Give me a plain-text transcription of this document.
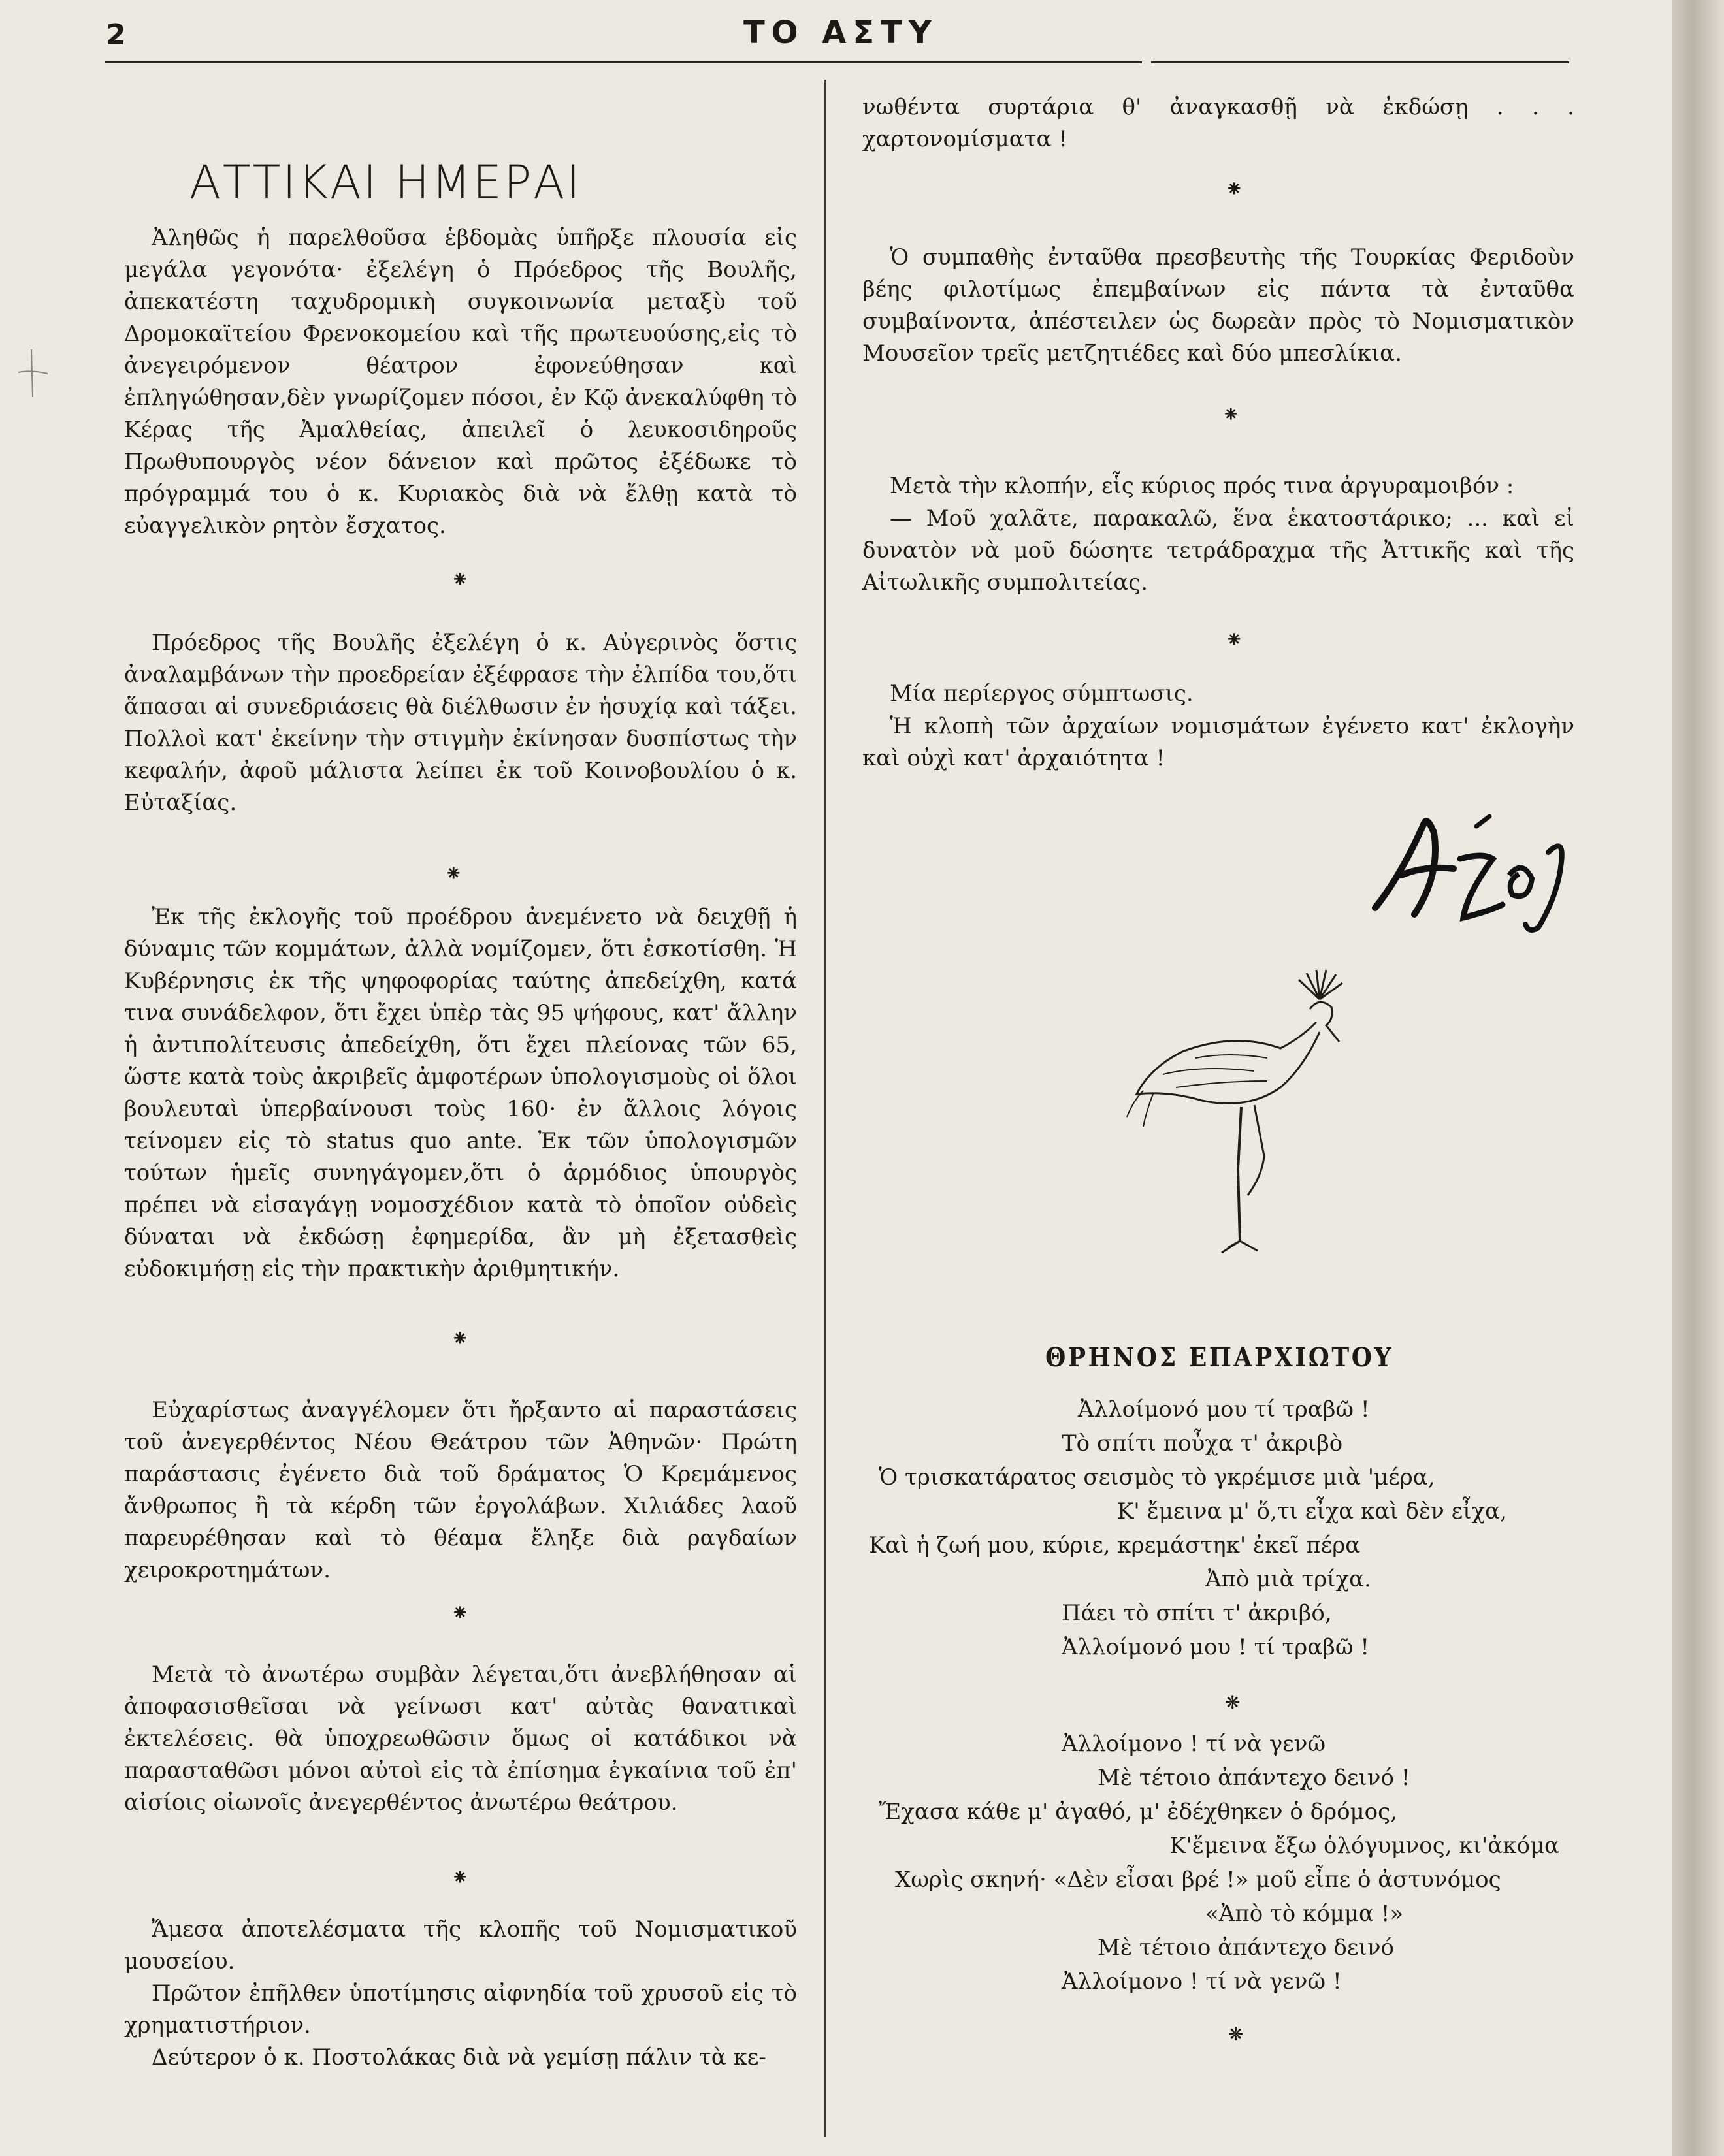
2	ΤΟ ΑΣΤΥ
ΑΤΤΙΚΑΙ ΗΜΕΡΑΙ

Ἀληθῶς ἡ παρελθοῦσα ἑβδομὰς ὑπῆρξε πλουσία εἰς μεγάλα γεγονότα· ἐξελέγη ὁ Πρόεδρος τῆς Βουλῆς, ἀπεκατέστη ταχυδρομικὴ συγκοινωνία μεταξὺ τοῦ Δρομοκαϊτείου Φρενοκομείου καὶ τῆς πρωτευούσης,εἰς τὸ ἀνεγειρόμενον θέατρον ἐφονεύθησαν καὶ ἐπληγώθησαν,δὲν γνωρίζομεν πόσοι, ἐν Κῷ ἀνεκαλύφθη τὸ Κέρας τῆς Ἀμαλθείας, ἀπειλεῖ ὁ λευκοσιδηροῦς Πρωθυπουργὸς νέον δάνειον καὶ πρῶτος ἐξέδωκε τὸ πρόγραμμά του ὁ κ. Κυριακὸς διὰ νὰ ἔλθῃ κατὰ τὸ εὐαγγελικὸν ρητὸν ἔσχατος.

⁕

Πρόεδρος τῆς Βουλῆς ἐξελέγη ὁ κ. Αὐγερινὸς ὅστις ἀναλαμβάνων τὴν προεδρείαν ἐξέφρασε τὴν ἐλπίδα του,ὅτι ἅπασαι αἱ συνεδριάσεις θὰ διέλθωσιν ἐν ἡσυχίᾳ καὶ τάξει. Πολλοὶ κατ' ἐκείνην τὴν στιγμὴν ἐκίνησαν δυσπίστως τὴν κεφαλήν, ἀφοῦ μάλιστα λείπει ἐκ τοῦ Κοινοβουλίου ὁ κ. Εὐταξίας.

⁕

Ἐκ τῆς ἐκλογῆς τοῦ προέδρου ἀνεμένετο νὰ δειχθῇ ἡ δύναμις τῶν κομμάτων, ἀλλὰ νομίζομεν, ὅτι ἐσκοτίσθη. Ἡ Κυβέρνησις ἐκ τῆς ψηφοφορίας ταύτης ἀπεδείχθη, κατά τινα συνάδελφον, ὅτι ἔχει ὑπὲρ τὰς 95 ψήφους, κατ' ἄλλην ἡ ἀντιπολίτευσις ἀπεδείχθη, ὅτι ἔχει πλείονας τῶν 65, ὥστε κατὰ τοὺς ἀκριβεῖς ἀμφοτέρων ὑπολογισμοὺς οἱ ὅλοι βουλευταὶ ὑπερβαίνουσι τοὺς 160· ἐν ἄλλοις λόγοις τείνομεν εἰς τὸ status quo ante. Ἐκ τῶν ὑπολογισμῶν τούτων ἡμεῖς συνηγάγομεν,ὅτι ὁ ἁρμόδιος ὑπουργὸς πρέπει νὰ εἰσαγάγῃ νομοσχέδιον κατὰ τὸ ὁποῖον οὐδεὶς δύναται νὰ ἐκδώσῃ ἐφημερίδα, ἂν μὴ ἐξετασθεὶς εὐδοκιμήσῃ εἰς τὴν πρακτικὴν ἀριθμητικήν.

⁕

Εὐχαρίστως ἀναγγέλομεν ὅτι ἤρξαντο αἱ παραστάσεις τοῦ ἀνεγερθέντος Νέου Θεάτρου τῶν Ἀθηνῶν· Πρώτη παράστασις ἐγένετο διὰ τοῦ δράματος Ὁ Κρεμάμενος ἄνθρωπος ἢ τὰ κέρδη τῶν ἐργολάβων. Χιλιάδες λαοῦ παρευρέθησαν καὶ τὸ θέαμα ἔληξε διὰ ραγδαίων χειροκροτημάτων.

⁕

Μετὰ τὸ ἀνωτέρω συμβὰν λέγεται,ὅτι ἀνεβλήθησαν αἱ ἀποφασισθεῖσαι νὰ γείνωσι κατ' αὐτὰς θανατικαὶ ἐκτελέσεις. θὰ ὑποχρεωθῶσιν ὅμως οἱ κατάδικοι νὰ παρασταθῶσι μόνοι αὐτοὶ εἰς τὰ ἐπίσημα ἐγκαίνια τοῦ ἐπ' αἰσίοις οἰωνοῖς ἀνεγερθέντος ἀνωτέρω θεάτρου.

⁕

Ἄμεσα ἀποτελέσματα τῆς κλοπῆς τοῦ Νομισματικοῦ μουσείου.

Πρῶτον ἐπῆλθεν ὑποτίμησις αἰφνηδία τοῦ χρυσοῦ εἰς τὸ χρηματιστήριον.

Δεύτερον ὁ κ. Ποστολάκας διὰ νὰ γεμίσῃ πάλιν τὰ κε-

νωθέντα συρτάρια θ' ἀναγκασθῇ νὰ ἐκδώσῃ . . . χαρτονομίσματα !

⁕

Ὁ συμπαθὴς ἐνταῦθα πρεσβευτὴς τῆς Τουρκίας Φεριδοὺν βέης φιλοτίμως ἐπεμβαίνων εἰς πάντα τὰ ἐνταῦθα συμβαίνοντα, ἀπέστειλεν ὡς δωρεὰν πρὸς τὸ Νομισματικὸν Μουσεῖον τρεῖς μετζητιέδες καὶ δύο μπεσλίκια.

⁕

Μετὰ τὴν κλοπήν, εἷς κύριος πρός τινα ἀργυραμοιβόν :

— Μοῦ χαλᾶτε, παρακαλῶ, ἕνα ἑκατοστάρικο; ... καὶ εἰ δυνατὸν νὰ μοῦ δώσητε τετράδραχμα τῆς Ἀττικῆς καὶ τῆς Αἰτωλικῆς συμπολιτείας.

⁕

Μία περίεργος σύμπτωσις.

Ἡ κλοπὴ τῶν ἀρχαίων νομισμάτων ἐγένετο κατ' ἐκλογὴν καὶ οὐχὶ κατ' ἀρχαιότητα !

ΘΡΗΝΟΣ ΕΠΑΡΧΙΩΤΟΥ
Ἀλλοίμονό μου τί τραβῶ !
Τὸ σπίτι ποὖχα τ' ἀκριβὸ
Ὁ τρισκατάρατος σεισμὸς τὸ γκρέμισε μιὰ 'μέρα,
Κ' ἔμεινα μ' ὅ,τι εἶχα καὶ δὲν εἶχα,
Καὶ ἡ ζωή μου, κύριε, κρεμάστηκ' ἐκεῖ πέρα
Ἀπὸ μιὰ τρίχα.
Πάει τὸ σπίτι τ' ἀκριβό,
Ἀλλοίμονό μου ! τί τραβῶ !
Ἀλλοίμονο ! τί νὰ γενῶ
Μὲ τέτοιο ἀπάντεχο δεινό !
Ἔχασα κάθε μ' ἀγαθό, μ' ἐδέχθηκεν ὁ δρόμος,
Κ'ἔμεινα ἔξω ὁλόγυμνος, κι'ἀκόμα
Χωρὶς σκηνή· «Δὲν εἶσαι βρέ !» μοῦ εἶπε ὁ ἀστυνόμος
«Ἀπὸ τὸ κόμμα !»
Μὲ τέτοιο ἀπάντεχο δεινό
Ἀλλοίμονο ! τί νὰ γενῶ !
❋
❋
